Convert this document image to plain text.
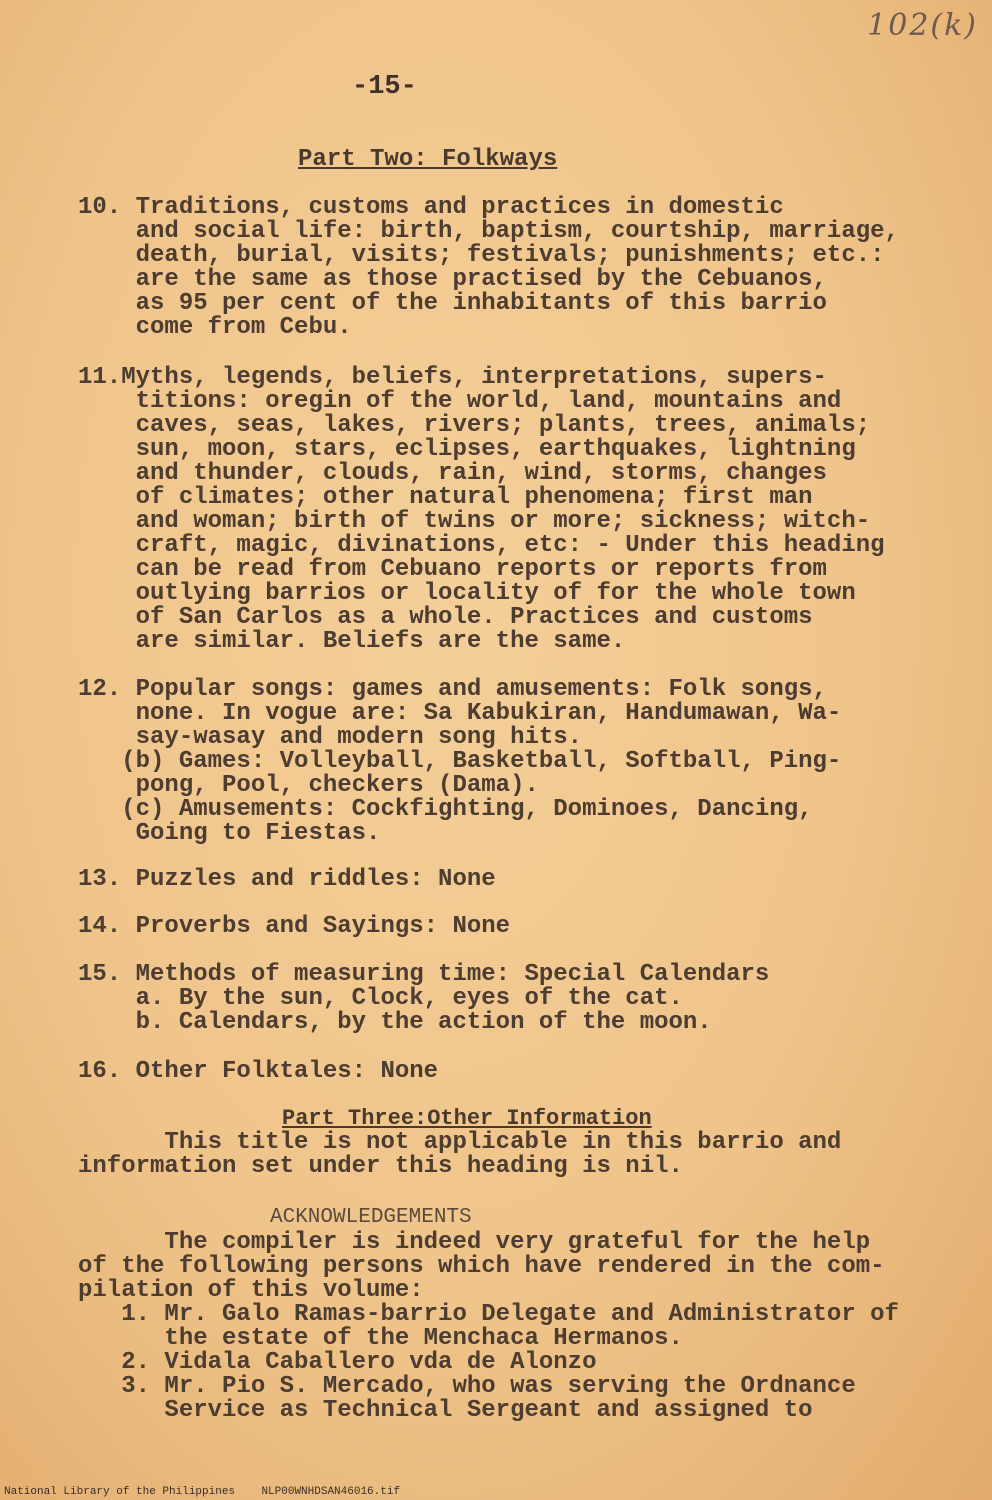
102(k)
-15-
Part Two: Folkways
10. Traditions, customs and practices in domestic
and social life: birth, baptism, courtship, marriage,
death, burial, visits; festivals; punishments; etc.:
are the same as those practised by the Cebuanos,
as 95 per cent of the inhabitants of this barrio
come from Cebu.
11.Myths, legends, beliefs, interpretations, supers-
titions: oregin of the world, land, mountains and
caves, seas, lakes, rivers; plants, trees, animals;
sun, moon, stars, eclipses, earthquakes, lightning
and thunder, clouds, rain, wind, storms, changes
of climates; other natural phenomena; first man
and woman; birth of twins or more; sickness; witch-
craft, magic, divinations, etc: - Under this heading
can be read from Cebuano reports or reports from
outlying barrios or locality of for the whole town
of San Carlos as a whole. Practices and customs
are similar. Beliefs are the same.
12. Popular songs: games and amusements: Folk songs,
none. In vogue are: Sa Kabukiran, Handumawan, Wa-
say-wasay and modern song hits.
(b) Games: Volleyball, Basketball, Softball, Ping-
pong, Pool, checkers (Dama).
(c) Amusements: Cockfighting, Dominoes, Dancing,
Going to Fiestas.
13. Puzzles and riddles: None
14. Proverbs and Sayings: None
15. Methods of measuring time: Special Calendars
a. By the sun, Clock, eyes of the cat.
b. Calendars, by the action of the moon.
16. Other Folktales: None
Part Three:Other Information
This title is not applicable in this barrio and
information set under this heading is nil.
ACKNOWLEDGEMENTS
The compiler is indeed very grateful for the help
of the following persons which have rendered in the com-
pilation of this volume:
1. Mr. Galo Ramas-barrio Delegate and Administrator of
the estate of the Menchaca Hermanos.
2. Vidala Caballero vda de Alonzo
3. Mr. Pio S. Mercado, who was serving the Ordnance
Service as Technical Sergeant and assigned to
National Library of the Philippines    NLP00WNHDSAN46016.tif
